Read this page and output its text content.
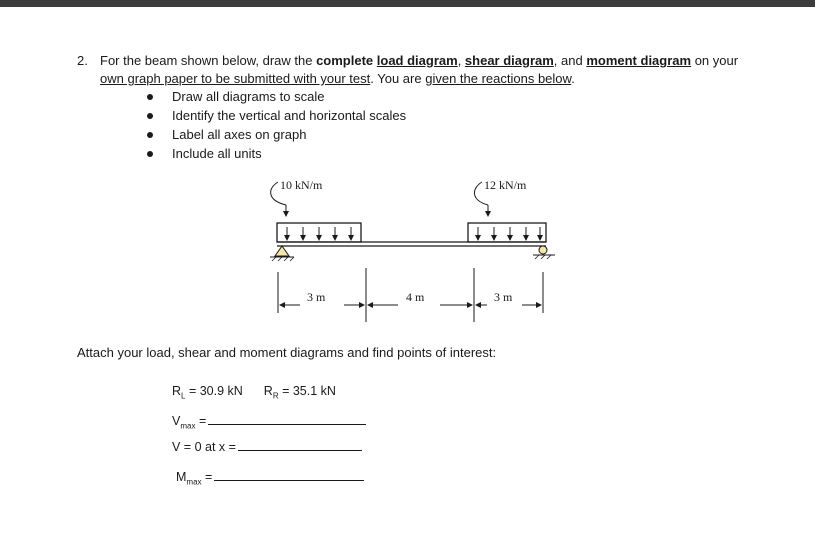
2. For the beam shown below, draw the complete load diagram, shear diagram, and moment diagram on your
own graph paper to be submitted with your test. You are given the reactions below.
Draw all diagrams to scale
Identify the vertical and horizontal scales
Label all axes on graph
Include all units
10 kN/m	12 kN/m
3 m	4 m	3 m
Attach your load, shear and moment diagrams and find points of interest:
$R_L = 30.9$ kN $R_R = 35.1$ kN
$V_{max}$ =
V = 0 at x =
$M_{max}$ =
